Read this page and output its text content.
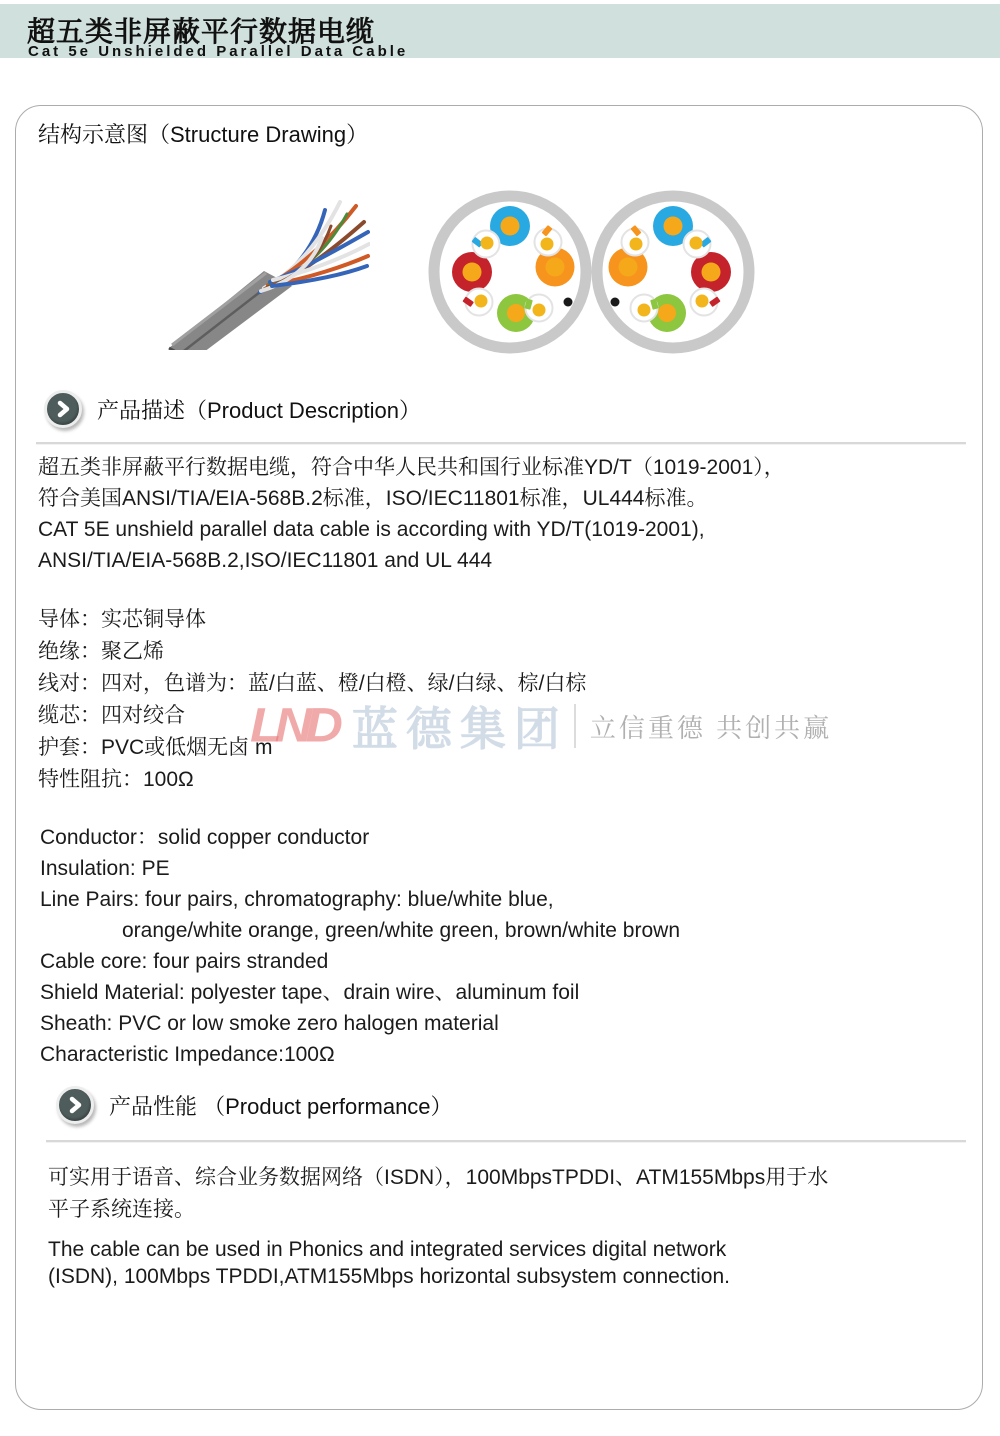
超五类非屏蔽平行数据电缆
Cat 5e Unshielded Parallel Data Cable
结构示意图（Structure Drawing）
产品描述（Product Description）
超五类非屏蔽平行数据电缆，符合中华人民共和国行业标准YD/T（1019-2001），
符合美国ANSI/TIA/EIA-568B.2标准，ISO/IEC11801标准，UL444标准。
CAT 5E unshield parallel data cable is according with YD/T(1019-2001),
ANSI/TIA/EIA-568B.2,ISO/IEC11801 and UL 444
LND 蓝德集团 立信重德 共创共赢
导体：实芯铜导体
绝缘：聚乙烯
线对：四对，色谱为：蓝/白蓝、橙/白橙、绿/白绿、棕/白棕
缆芯：四对绞合
护套：PVC或低烟无卤 m
特性阻抗：100Ω
Conductor：solid copper conductor
Insulation: PE
Line Pairs: four pairs, chromatography: blue/white blue,
orange/white orange, green/white green, brown/white brown
Cable core: four pairs stranded
Shield Material: polyester tape、drain wire、aluminum foil
Sheath: PVC or low smoke zero halogen material
Characteristic Impedance:100Ω
产品性能 （Product performance）
可实用于语音、综合业务数据网络（ISDN），100MbpsTPDDI、ATM155Mbps用于水
平子系统连接。
The cable can be used in Phonics and integrated services digital network
(ISDN), 100Mbps TPDDI,ATM155Mbps horizontal subsystem connection.
